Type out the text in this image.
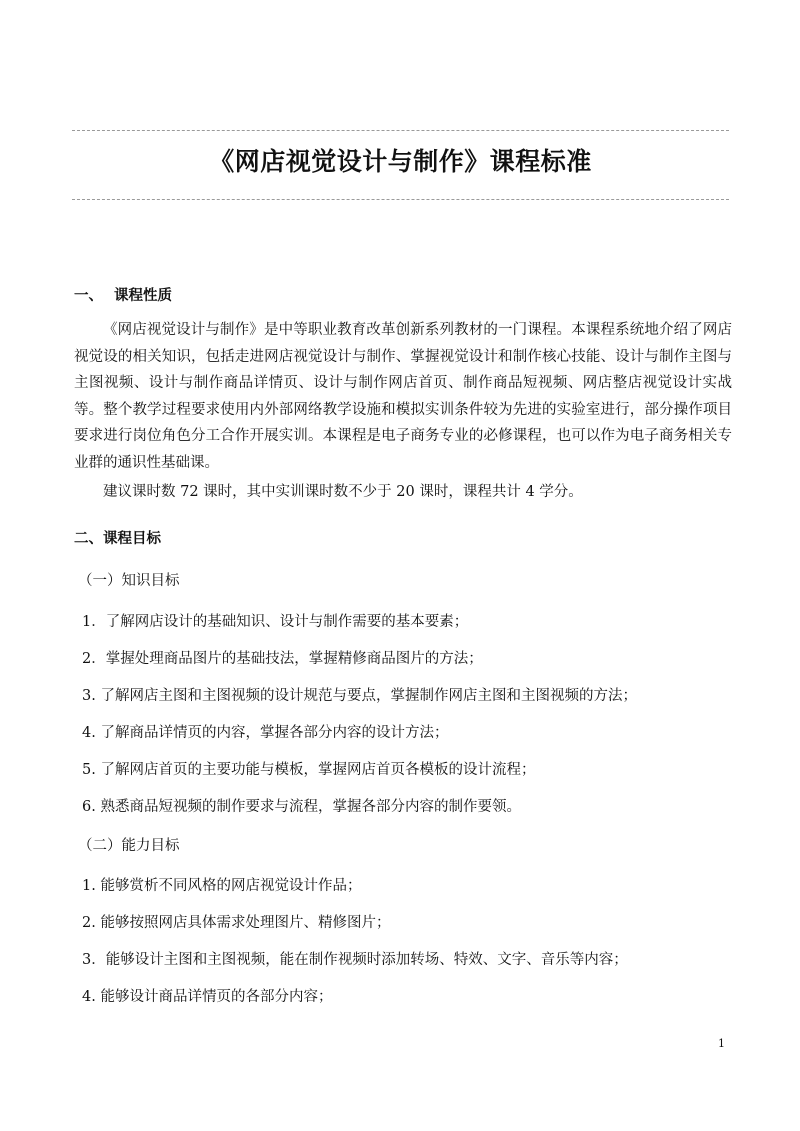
《网店视觉设计与制作》课程标准
一、 课程性质

《网店视觉设计与制作》是中等职业教育改革创新系列教材的一门课程。本课程系统地介绍了网店视觉设的相关知识，包括走进网店视觉设计与制作、掌握视觉设计和制作核心技能、设计与制作主图与主图视频、设计与制作商品详情页、设计与制作网店首页、制作商品短视频、网店整店视觉设计实战等。整个教学过程要求使用内外部网络教学设施和模拟实训条件较为先进的实验室进行，部分操作项目要求进行岗位角色分工合作开展实训。本课程是电子商务专业的必修课程，也可以作为电子商务相关专业群的通识性基础课。

建议课时数 72 课时，其中实训课时数不少于 20 课时，课程共计 4 学分。

二、课程目标
（一）知识目标
1．了解网店设计的基础知识、设计与制作需要的基本要素；
2．掌握处理商品图片的基础技法，掌握精修商品图片的方法；
3. 了解网店主图和主图视频的设计规范与要点，掌握制作网店主图和主图视频的方法；
4. 了解商品详情页的内容，掌握各部分内容的设计方法；
5. 了解网店首页的主要功能与模板，掌握网店首页各模板的设计流程；
6. 熟悉商品短视频的制作要求与流程，掌握各部分内容的制作要领。
（二）能力目标
1. 能够赏析不同风格的网店视觉设计作品；
2. 能够按照网店具体需求处理图片、精修图片；
3．能够设计主图和主图视频，能在制作视频时添加转场、特效、文字、音乐等内容；
4. 能够设计商品详情页的各部分内容；
1
